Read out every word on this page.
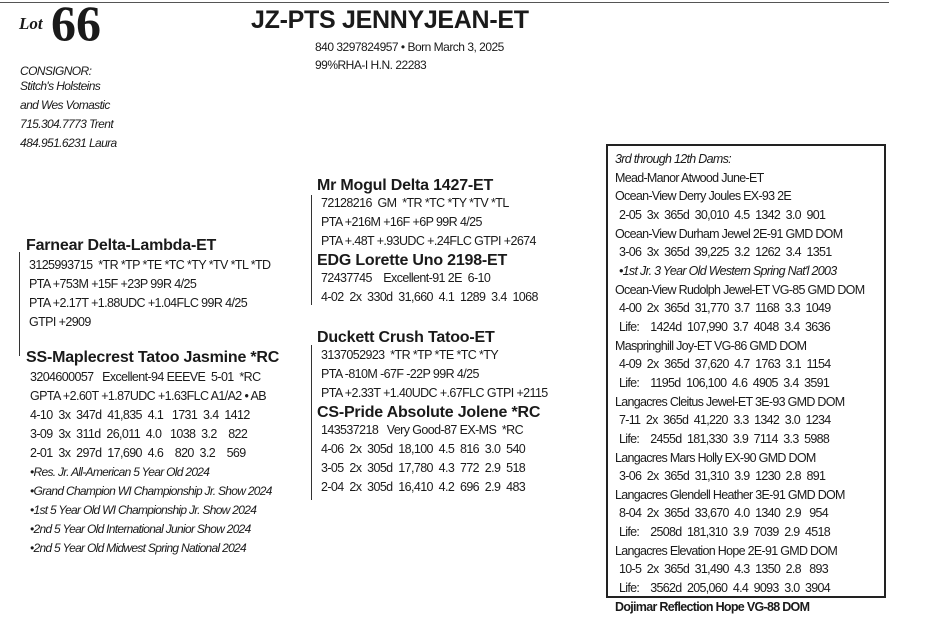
Lot 66	JZ-PTS JENNYJEAN-ET
840 3297824957 • Born March 3, 2025
99%RHA-I H.N. 22283
CONSIGNOR:
Stitch's Holsteins
and Wes Vomastic
715.304.7773 Trent
484.951.6231 Laura
Farnear Delta-Lambda-ET
3125993715  *TR *TP *TE *TC *TY *TV *TL *TD
PTA +753M +15F +23P 99R 4/25
PTA +2.17T +1.88UDC +1.04FLC 99R 4/25
GTPI +2909
SS-Maplecrest Tatoo Jasmine *RC
3204600057   Excellent-94 EEEVE  5-01  *RC
GPTA +2.60T +1.87UDC +1.63FLC A1/A2 • AB
4-10  3x  347d  41,835  4.1   1731  3.4  1412
3-09  3x  311d  26,011  4.0   1038  3.2    822
2-01  3x  297d  17,690  4.6    820  3.2    569
•Res. Jr. All-American 5 Year Old 2024
•Grand Champion WI Championship Jr. Show 2024
•1st 5 Year Old WI Championship Jr. Show 2024
•2nd 5 Year Old International Junior Show 2024
•2nd 5 Year Old Midwest Spring National 2024
Mr Mogul Delta 1427-ET
72128216  GM  *TR *TC *TY *TV *TL
PTA +216M +16F +6P 99R 4/25
PTA +.48T +.93UDC +.24FLC GTPI +2674
EDG Lorette Uno 2198-ET
72437745    Excellent-91 2E  6-10
4-02  2x  330d  31,660  4.1  1289  3.4  1068
Duckett Crush Tatoo-ET
3137052923  *TR *TP *TE *TC *TY
PTA -810M -67F -22P 99R 4/25
PTA +2.33T +1.40UDC +.67FLC GTPI +2115
CS-Pride Absolute Jolene *RC
143537218   Very Good-87 EX-MS  *RC
4-06  2x  305d  18,100  4.5  816  3.0  540
3-05  2x  305d  17,780  4.3  772  2.9  518
2-04  2x  305d  16,410  4.2  696  2.9  483
3rd through 12th Dams:
Mead-Manor Atwood June-ET
Ocean-View Derry Joules EX-93 2E
2-05  3x  365d  30,010  4.5  1342  3.0  901
Ocean-View Durham Jewel 2E-91 GMD DOM
3-06  3x  365d  39,225  3.2  1262  3.4  1351
•1st Jr. 3 Year Old Western Spring Nat'l 2003
Ocean-View Rudolph Jewel-ET VG-85 GMD DOM
4-00  2x  365d  31,770  3.7  1168  3.3  1049
Life:    1424d  107,990  3.7  4048  3.4  3636
Maspringhill Joy-ET VG-86 GMD DOM
4-09  2x  365d  37,620  4.7  1763  3.1  1154
Life:    1195d  106,100  4.6  4905  3.4  3591
Langacres Cleitus Jewel-ET 3E-93 GMD DOM
7-11  2x  365d  41,220  3.3  1342  3.0  1234
Life:    2455d  181,330  3.9  7114  3.3  5988
Langacres Mars Holly EX-90 GMD DOM
3-06  2x  365d  31,310  3.9  1230  2.8  891
Langacres Glendell Heather 3E-91 GMD DOM
8-04  2x  365d  33,670  4.0  1340  2.9   954
Life:    2508d  181,310  3.9  7039  2.9  4518
Langacres Elevation Hope 2E-91 GMD DOM
10-5  2x  365d  31,490  4.3  1350  2.8   893
Life:    3562d  205,060  4.4  9093  3.0  3904
Dojimar Reflection Hope VG-88 DOM
